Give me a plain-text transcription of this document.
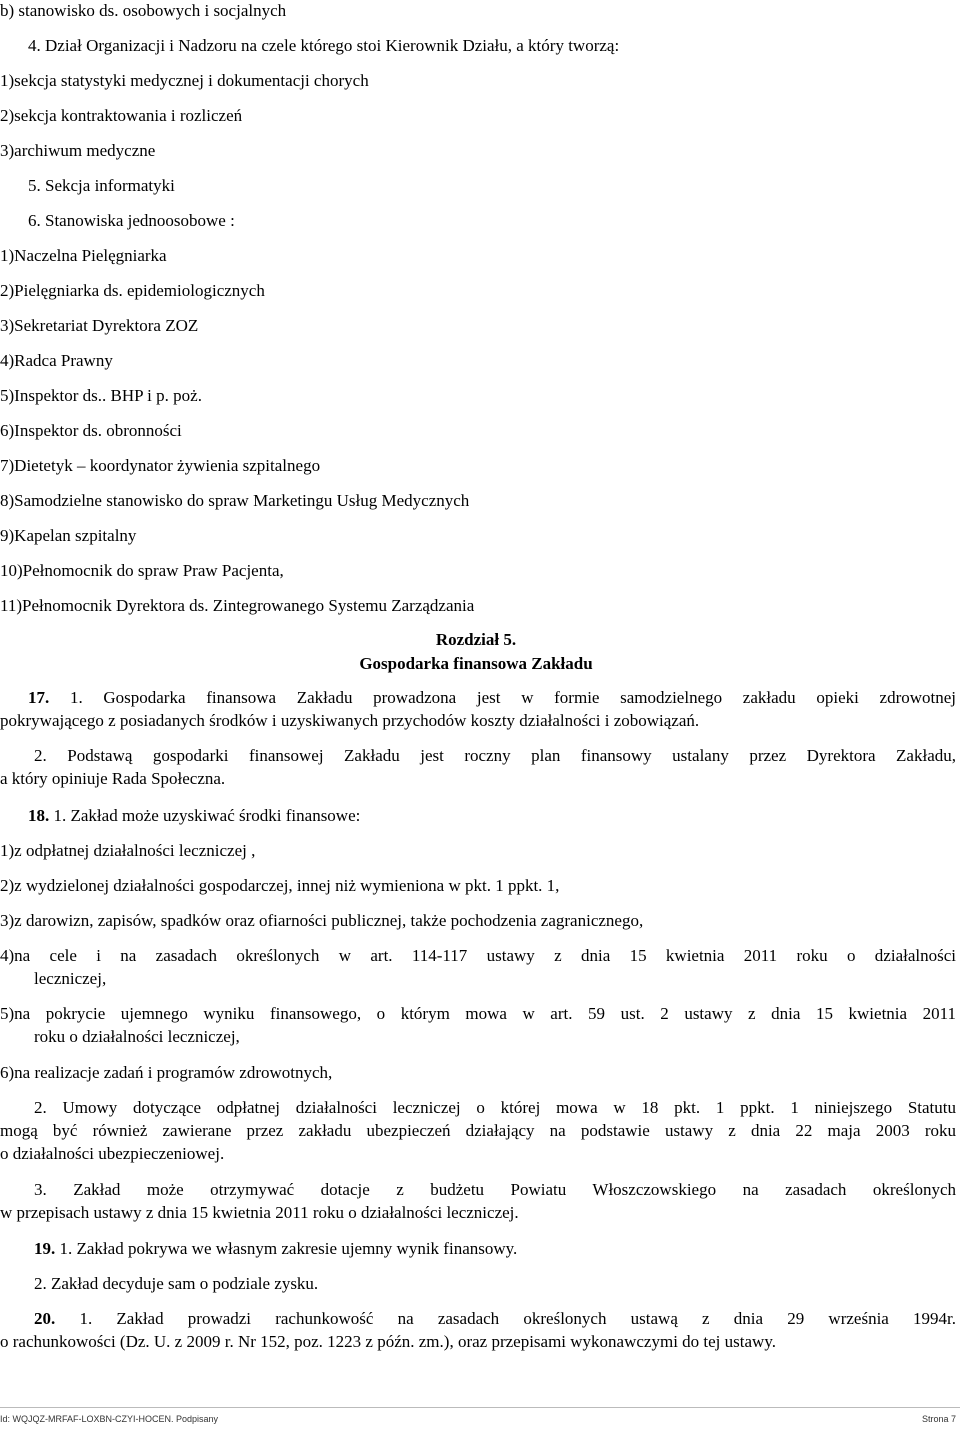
b) stanowisko ds. osobowych i socjalnych
4. Dział Organizacji i Nadzoru na czele którego stoi Kierownik Działu, a który tworzą:
1)sekcja statystyki medycznej i dokumentacji chorych
2)sekcja kontraktowania i rozliczeń
3)archiwum medyczne
5. Sekcja informatyki
6. Stanowiska jednoosobowe :
1)Naczelna Pielęgniarka
2)Pielęgniarka ds. epidemiologicznych
3)Sekretariat Dyrektora ZOZ
4)Radca Prawny
5)Inspektor ds.. BHP i p. poż.
6)Inspektor ds. obronności
7)Dietetyk – koordynator żywienia szpitalnego
8)Samodzielne stanowisko do spraw Marketingu Usług Medycznych
9)Kapelan szpitalny
10)Pełnomocnik do spraw Praw Pacjenta,
11)Pełnomocnik Dyrektora ds. Zintegrowanego Systemu Zarządzania
Rozdział 5.
Gospodarka finansowa Zakładu
17. 1. Gospodarka finansowa Zakładu prowadzona jest w formie samodzielnego zakładu opieki zdrowotnej
pokrywającego z posiadanych środków i uzyskiwanych przychodów koszty działalności i zobowiązań.
2. Podstawą gospodarki finansowej Zakładu jest roczny plan finansowy ustalany przez Dyrektora Zakładu,
a który opiniuje Rada Społeczna.
18. 1. Zakład może uzyskiwać środki finansowe:
1)z odpłatnej działalności leczniczej ,
2)z wydzielonej działalności gospodarczej, innej niż wymieniona w pkt. 1 ppkt. 1,
3)z darowizn, zapisów, spadków oraz ofiarności publicznej, także pochodzenia zagranicznego,
4)na cele i na zasadach określonych w art. 114-117 ustawy z dnia 15 kwietnia 2011 roku o działalności
leczniczej,
5)na pokrycie ujemnego wyniku finansowego, o którym mowa w art. 59 ust. 2 ustawy z dnia 15 kwietnia 2011
roku o działalności leczniczej,
6)na realizacje zadań i programów zdrowotnych,
2. Umowy dotyczące odpłatnej działalności leczniczej o której mowa w 18 pkt. 1 ppkt. 1 niniejszego Statutu
mogą być również zawierane przez zakładu ubezpieczeń działający na podstawie ustawy z dnia 22 maja 2003 roku
o działalności ubezpieczeniowej.
3. Zakład może otrzymywać dotacje z budżetu Powiatu Włoszczowskiego na zasadach określonych
w przepisach ustawy z dnia 15 kwietnia 2011 roku o działalności leczniczej.
19. 1. Zakład pokrywa we własnym zakresie ujemny wynik finansowy.
2. Zakład decyduje sam o podziale zysku.
20. 1. Zakład prowadzi rachunkowość na zasadach określonych ustawą z dnia 29 września 1994r.
o rachunkowości (Dz. U. z 2009 r. Nr 152, poz. 1223 z późn. zm.), oraz przepisami wykonawczymi do tej ustawy.
Id: WQJQZ-MRFAF-LOXBN-CZYI-HOCEN. Podpisany	Strona 7
